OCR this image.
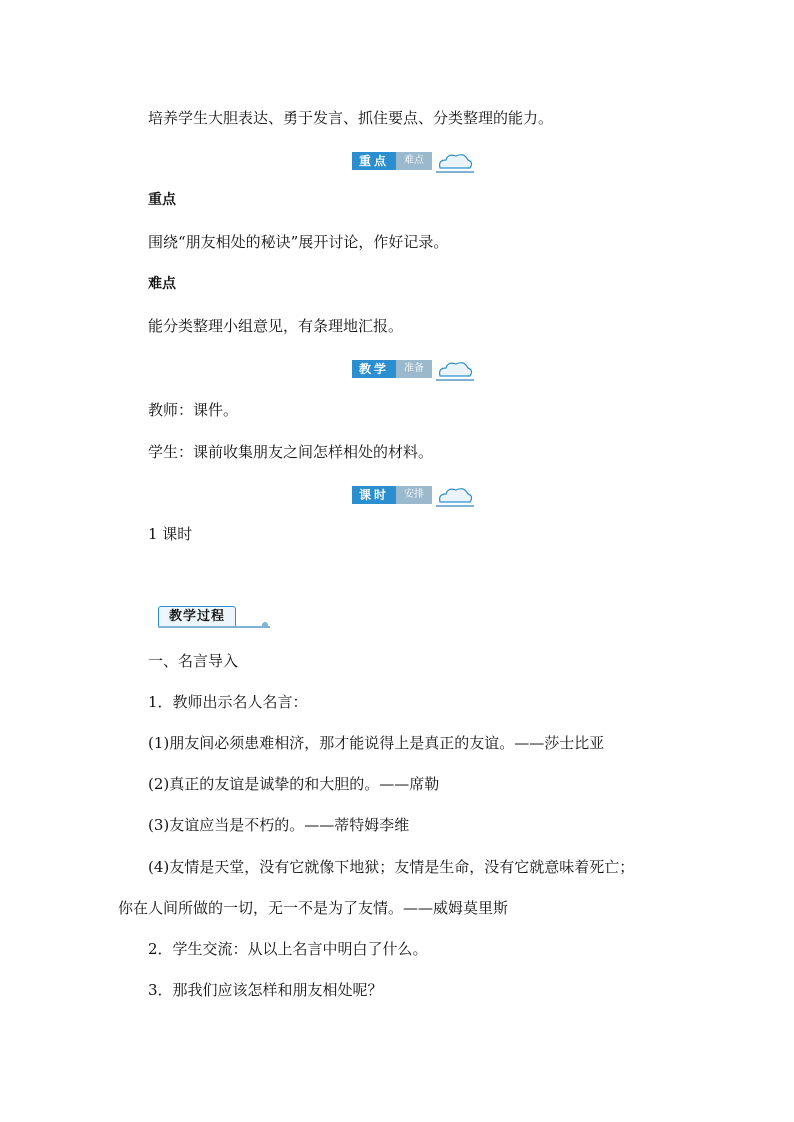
培养学生大胆表达、勇于发言、抓住要点、分类整理的能力。
重点	难点
重点
围绕“朋友相处的秘诀”展开讨论，作好记录。
难点
能分类整理小组意见，有条理地汇报。
教学	准备
教师：课件。
学生：课前收集朋友之间怎样相处的材料。
课时	安排
1 课时
教学过程
一、名言导入
1．教师出示名人名言：
(1)朋友间必须患难相济，那才能说得上是真正的友谊。——莎士比亚
(2)真正的友谊是诚挚的和大胆的。——席勒
(3)友谊应当是不朽的。——蒂特姆李维
(4)友情是天堂，没有它就像下地狱；友情是生命，没有它就意味着死亡；
你在人间所做的一切，无一不是为了友情。——威姆莫里斯
2．学生交流：从以上名言中明白了什么。
3．那我们应该怎样和朋友相处呢？
